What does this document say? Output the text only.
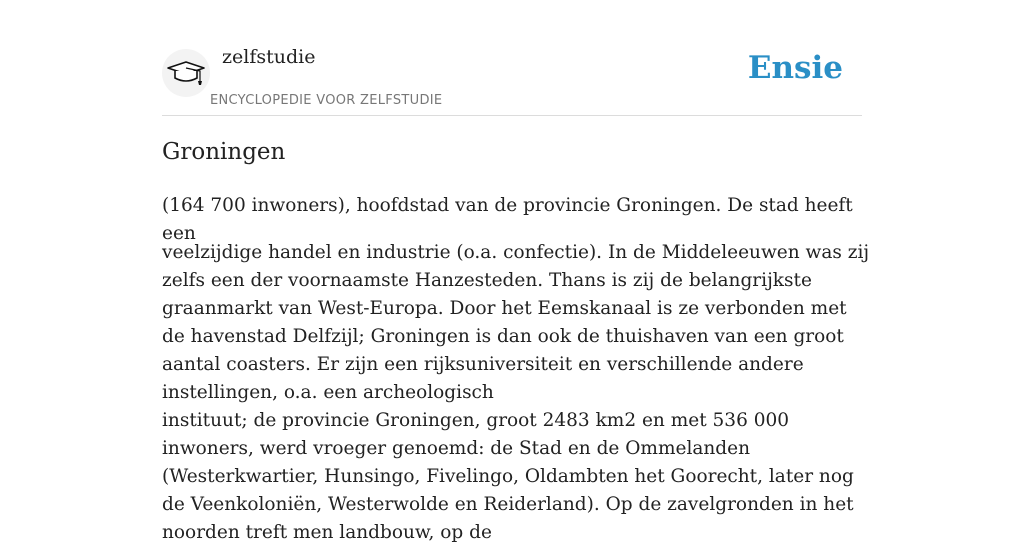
zelfstudie
ENCYCLOPEDIE VOOR ZELFSTUDIE
Ensie
Groningen

(164 700 inwoners), hoofdstad van de provincie Groningen. De stad heeft een

veelzijdige handel en industrie (o.a. confectie). In de Middeleeuwen was zij zelfs een der voornaamste Hanzesteden. Thans is zij de belangrijkste graanmarkt van West-Europa. Door het Eemskanaal is ze verbonden met de havenstad Delfzijl; Groningen is dan ook de thuishaven van een groot aantal coasters. Er zijn een rijksuniversiteit en verschillende andere instellingen, o.a. een archeologisch

instituut; de provincie Groningen, groot 2483 km2 en met 536 000 inwoners, werd vroeger genoemd: de Stad en de Ommelanden (Westerkwartier, Hunsingo, Fivelingo, Oldambten het Goorecht, later nog de Veenkoloniën, Westerwolde en Reiderland). Op de zavelgronden in het noorden treft men landbouw, op de
